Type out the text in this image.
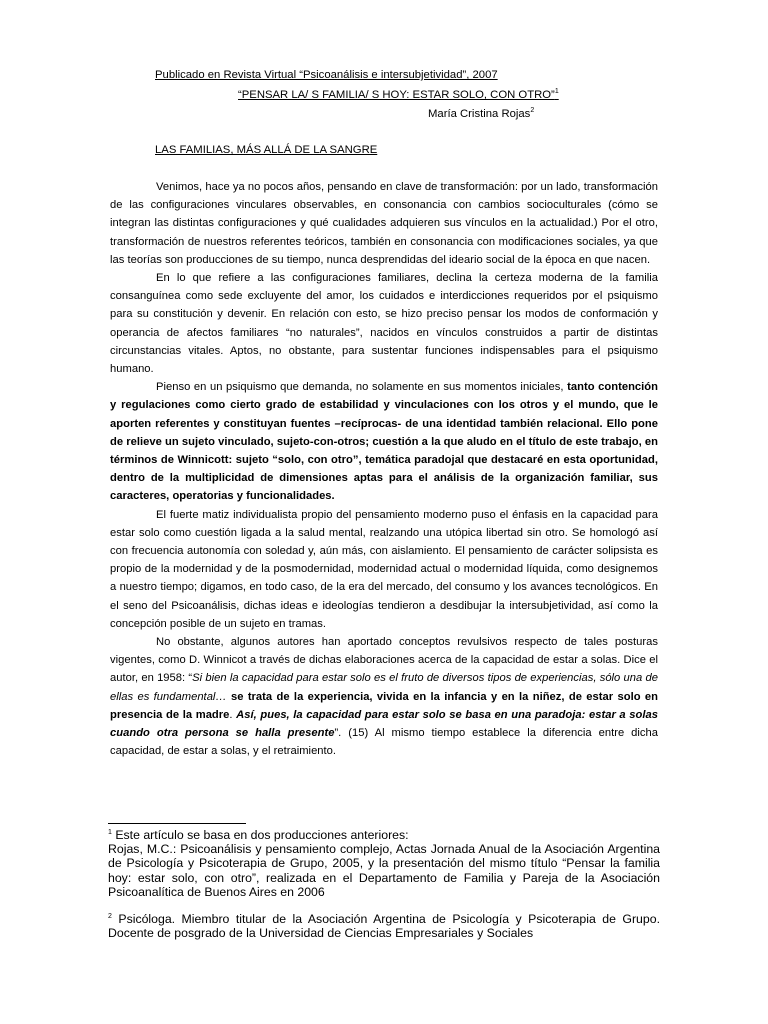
Publicado en Revista Virtual “Psicoanálisis e intersubjetividad”, 2007
“PENSAR LA/ S FAMILIA/ S HOY: ESTAR SOLO, CON OTRO”$^1$
María Cristina Rojas$^2$
LAS FAMILIAS, MÁS ALLÁ DE LA SANGRE

Venimos, hace ya no pocos años, pensando en clave de transformación: por un lado, transformación de las configuraciones vinculares observables, en consonancia con cambios socioculturales (cómo se integran las distintas configuraciones y qué cualidades adquieren sus vínculos en la actualidad.) Por el otro, transformación de nuestros referentes teóricos, también en consonancia con modificaciones sociales, ya que las teorías son producciones de su tiempo, nunca desprendidas del ideario social de la época en que nacen.

En lo que refiere a las configuraciones familiares, declina la certeza moderna de la familia consanguínea como sede excluyente del amor, los cuidados e interdicciones requeridos por el psiquismo para su constitución y devenir. En relación con esto, se hizo preciso pensar los modos de conformación y operancia de afectos familiares “no naturales”, nacidos en vínculos construidos a partir de distintas circunstancias vitales. Aptos, no obstante, para sustentar funciones indispensables para el psiquismo humano.

Pienso en un psiquismo que demanda, no solamente en sus momentos iniciales, tanto contención y regulaciones como cierto grado de estabilidad y vinculaciones con los otros y el mundo, que le aporten referentes y constituyan fuentes –recíprocas- de una identidad también relacional. Ello pone de relieve un sujeto vinculado, sujeto-con-otros; cuestión a la que aludo en el título de este trabajo, en términos de Winnicott: sujeto “solo, con otro”, temática paradojal que destacaré en esta oportunidad, dentro de la multiplicidad de dimensiones aptas para el análisis de la organización familiar, sus caracteres, operatorias y funcionalidades.

El fuerte matiz individualista propio del pensamiento moderno puso el énfasis en la capacidad para estar solo como cuestión ligada a la salud mental, realzando una utópica libertad sin otro. Se homologó así con frecuencia autonomía con soledad y, aún más, con aislamiento. El pensamiento de carácter solipsista es propio de la modernidad y de la posmodernidad, modernidad actual o modernidad líquida, como designemos a nuestro tiempo; digamos, en todo caso, de la era del mercado, del consumo y los avances tecnológicos. En el seno del Psicoanálisis, dichas ideas e ideologías tendieron a desdibujar la intersubjetividad, así como la concepción posible de un sujeto en tramas.

No obstante, algunos autores han aportado conceptos revulsivos respecto de tales posturas vigentes, como D. Winnicot a través de dichas elaboraciones acerca de la capacidad de estar a solas. Dice el autor, en 1958: “Si bien la capacidad para estar solo es el fruto de diversos tipos de experiencias, sólo una de ellas es fundamental… se trata de la experiencia, vivida en la infancia y en la niñez, de estar solo en presencia de la madre. Así, pues, la capacidad para estar solo se basa en una paradoja: estar a solas cuando otra persona se halla presente”. (15) Al mismo tiempo establece la diferencia entre dicha capacidad, de estar a solas, y el retraimiento.

$^1$ Este artículo se basa en dos producciones anteriores:

Rojas, M.C.: Psicoanálisis y pensamiento complejo, Actas Jornada Anual de la Asociación Argentina de Psicología y Psicoterapia de Grupo, 2005, y la presentación del mismo título “Pensar la familia hoy: estar solo, con otro”, realizada en el Departamento de Familia y Pareja de la Asociación Psicoanalítica de Buenos Aires en 2006

$^2$ Psicóloga. Miembro titular de la Asociación Argentina de Psicología y Psicoterapia de Grupo. Docente de posgrado de la Universidad de Ciencias Empresariales y Sociales
